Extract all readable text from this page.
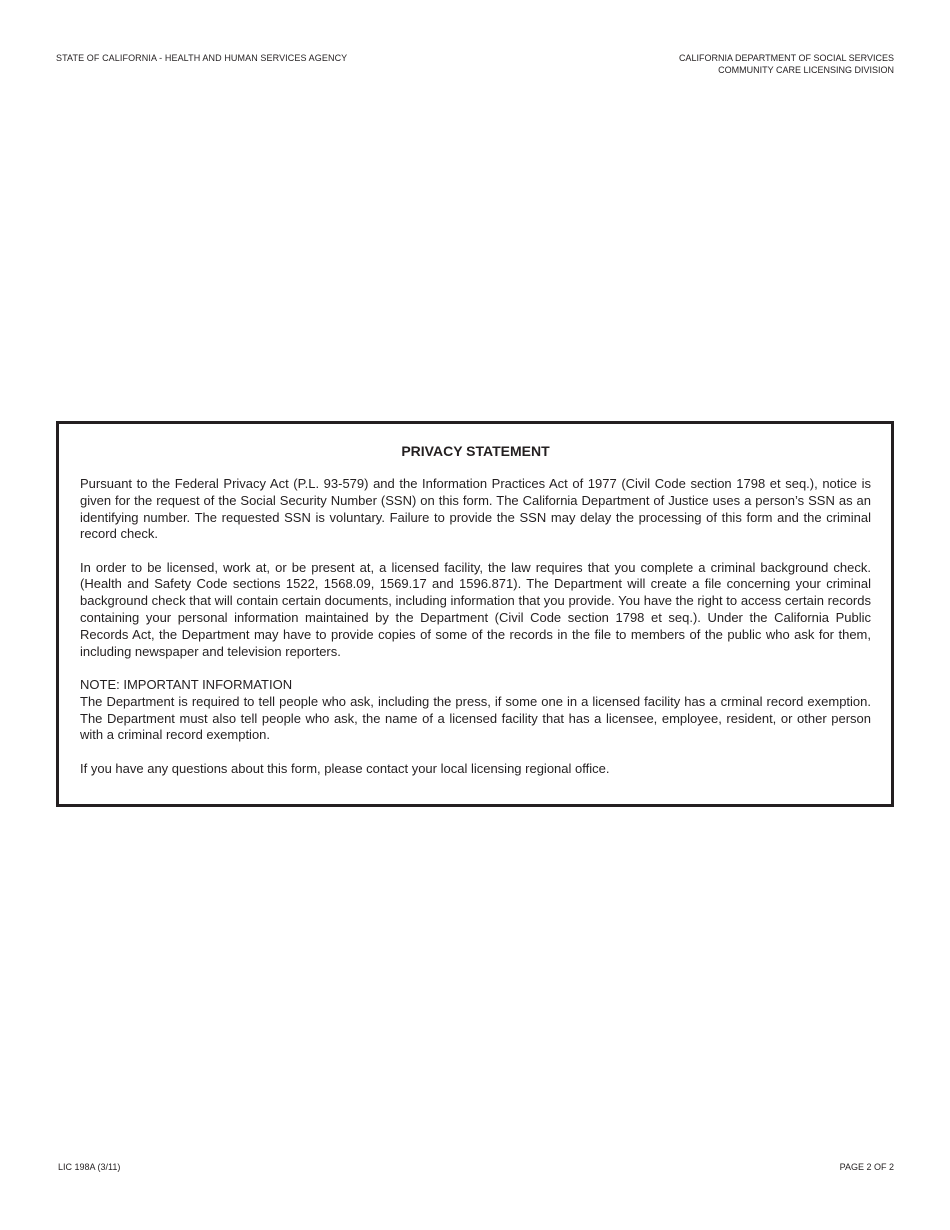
STATE OF CALIFORNIA - HEALTH AND HUMAN SERVICES AGENCY	CALIFORNIA DEPARTMENT OF SOCIAL SERVICES
COMMUNITY CARE LICENSING DIVISION
PRIVACY STATEMENT

Pursuant to the Federal Privacy Act (P.L. 93-579) and the Information Practices Act of 1977 (Civil Code section 1798 et seq.), notice is given for the request of the Social Security Number (SSN) on this form. The California Department of Justice uses a person’s SSN as an identifying number. The requested SSN is voluntary. Failure to provide the SSN may delay the processing of this form and the criminal record check.

In order to be licensed, work at, or be present at, a licensed facility, the law requires that you complete a criminal background check. (Health and Safety Code sections 1522, 1568.09, 1569.17 and 1596.871). The Department will create a file concerning your criminal background check that will contain certain documents, including information that you provide. You have the right to access certain records containing your personal information maintained by the Department (Civil Code section 1798 et seq.). Under the California Public Records Act, the Department may have to provide copies of some of the records in the file to members of the public who ask for them, including newspaper and television reporters.

NOTE: IMPORTANT INFORMATION

The Department is required to tell people who ask, including the press, if some one in a licensed facility has a crminal record exemption. The Department must also tell people who ask, the name of a licensed facility that has a licensee, employee, resident, or other person with a criminal record exemption.

If you have any questions about this form, please contact your local licensing regional office.

LIC 198A (3/11)	PAGE 2 OF 2
